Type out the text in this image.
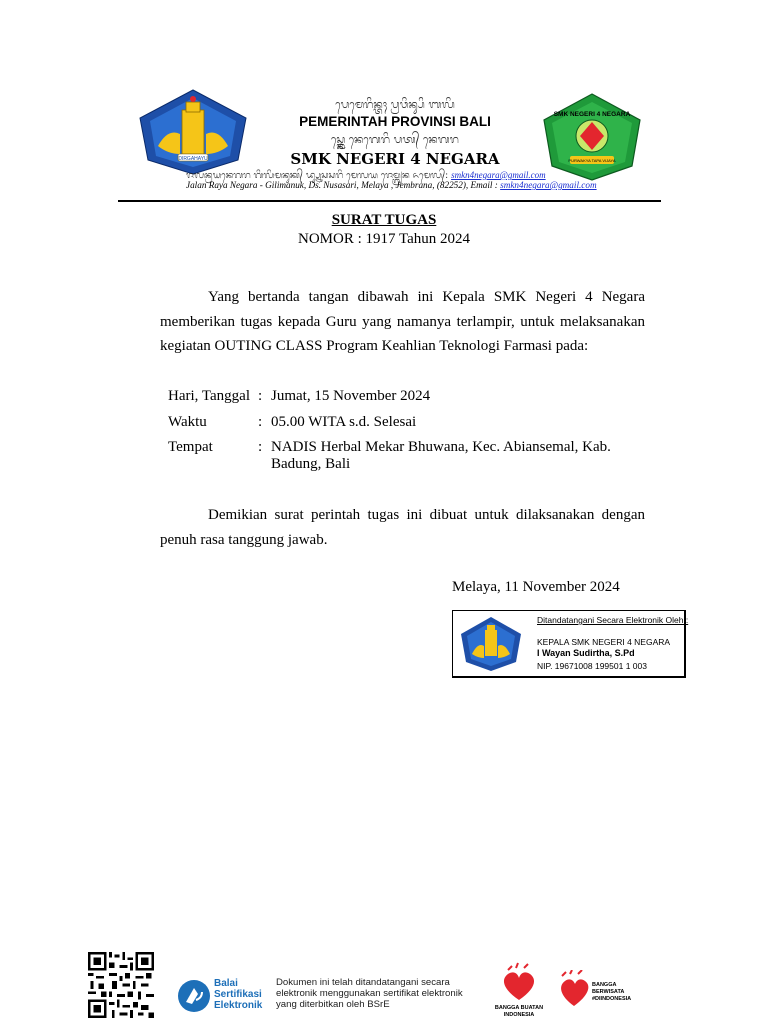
DIRGAHAYU
ᬧᬾᬫᬾᬭᬶᬦ᭄ᬢᬄ ᬧ᭄ᬭᬯᬶᬦ᭄ᬲᬶ ᬩᬮᬶ
PEMERINTAH PROVINSI BALI
ᬲ᭄ᬫ᭄ᬓᬾ ᬦᬾᬕᬾᬭᬶ ᬧᬢ᭄ ᬦᬾᬕᬭ
SMK NEGERI 4 NEGARA
ᬚᬮᬦ᭄ᬭᬬᬦᬾᬕᬭ ᬕᬶᬮᬶᬫᬦᬸᬓ᭄ ᬤ᭄ᬲ᭄ᬦᬸᬲᬲᬭᬶ ᬫᬾᬮᬬ ᬚᬾᬫ᭄ᬩ᭄ᬭᬦ ᬏᬫᬾᬮ᭄: smkn4negara@gmail.com
Jalan Raya Negara - Gilimanuk, Ds. Nusasari, Melaya , Jembrana, (82252), Email : smkn4negara@gmail.com
SMK NEGERI 4 NEGARA
PURWAKYA TAPA VIJAYA
SURAT TUGAS
NOMOR : 1917 Tahun 2024
Yang bertanda tangan dibawah ini Kepala SMK Negeri 4 Negara memberikan tugas kepada Guru yang namanya terlampir, untuk melaksanakan kegiatan OUTING CLASS Program Keahlian Teknologi Farmasi pada:
Hari, Tanggal : Jumat, 15 November 2024
Waktu	: 05.00 WITA s.d. Selesai
Tempat	: NADIS Herbal Mekar Bhuwana, Kec. Abiansemal, Kab. Badung, Bali
Demikian surat perintah tugas ini dibuat untuk dilaksanakan dengan penuh rasa tanggung jawab.
Melaya, 11 November 2024
Ditandatangani Secara Elektronik Oleh :
KEPALA SMK NEGERI 4 NEGARA
I Wayan Sudirtha, S.Pd
NIP. 19671008 199501 1 003
Balai
Sertifikasi
Elektronik
Dokumen ini telah ditandatangani secara
elektronik menggunakan sertifikat elektronik
yang diterbitkan oleh BSrE	BANGGA BUATAN
INDONESIA
BANGGA
BERWISATA
#DIINDONESIA
